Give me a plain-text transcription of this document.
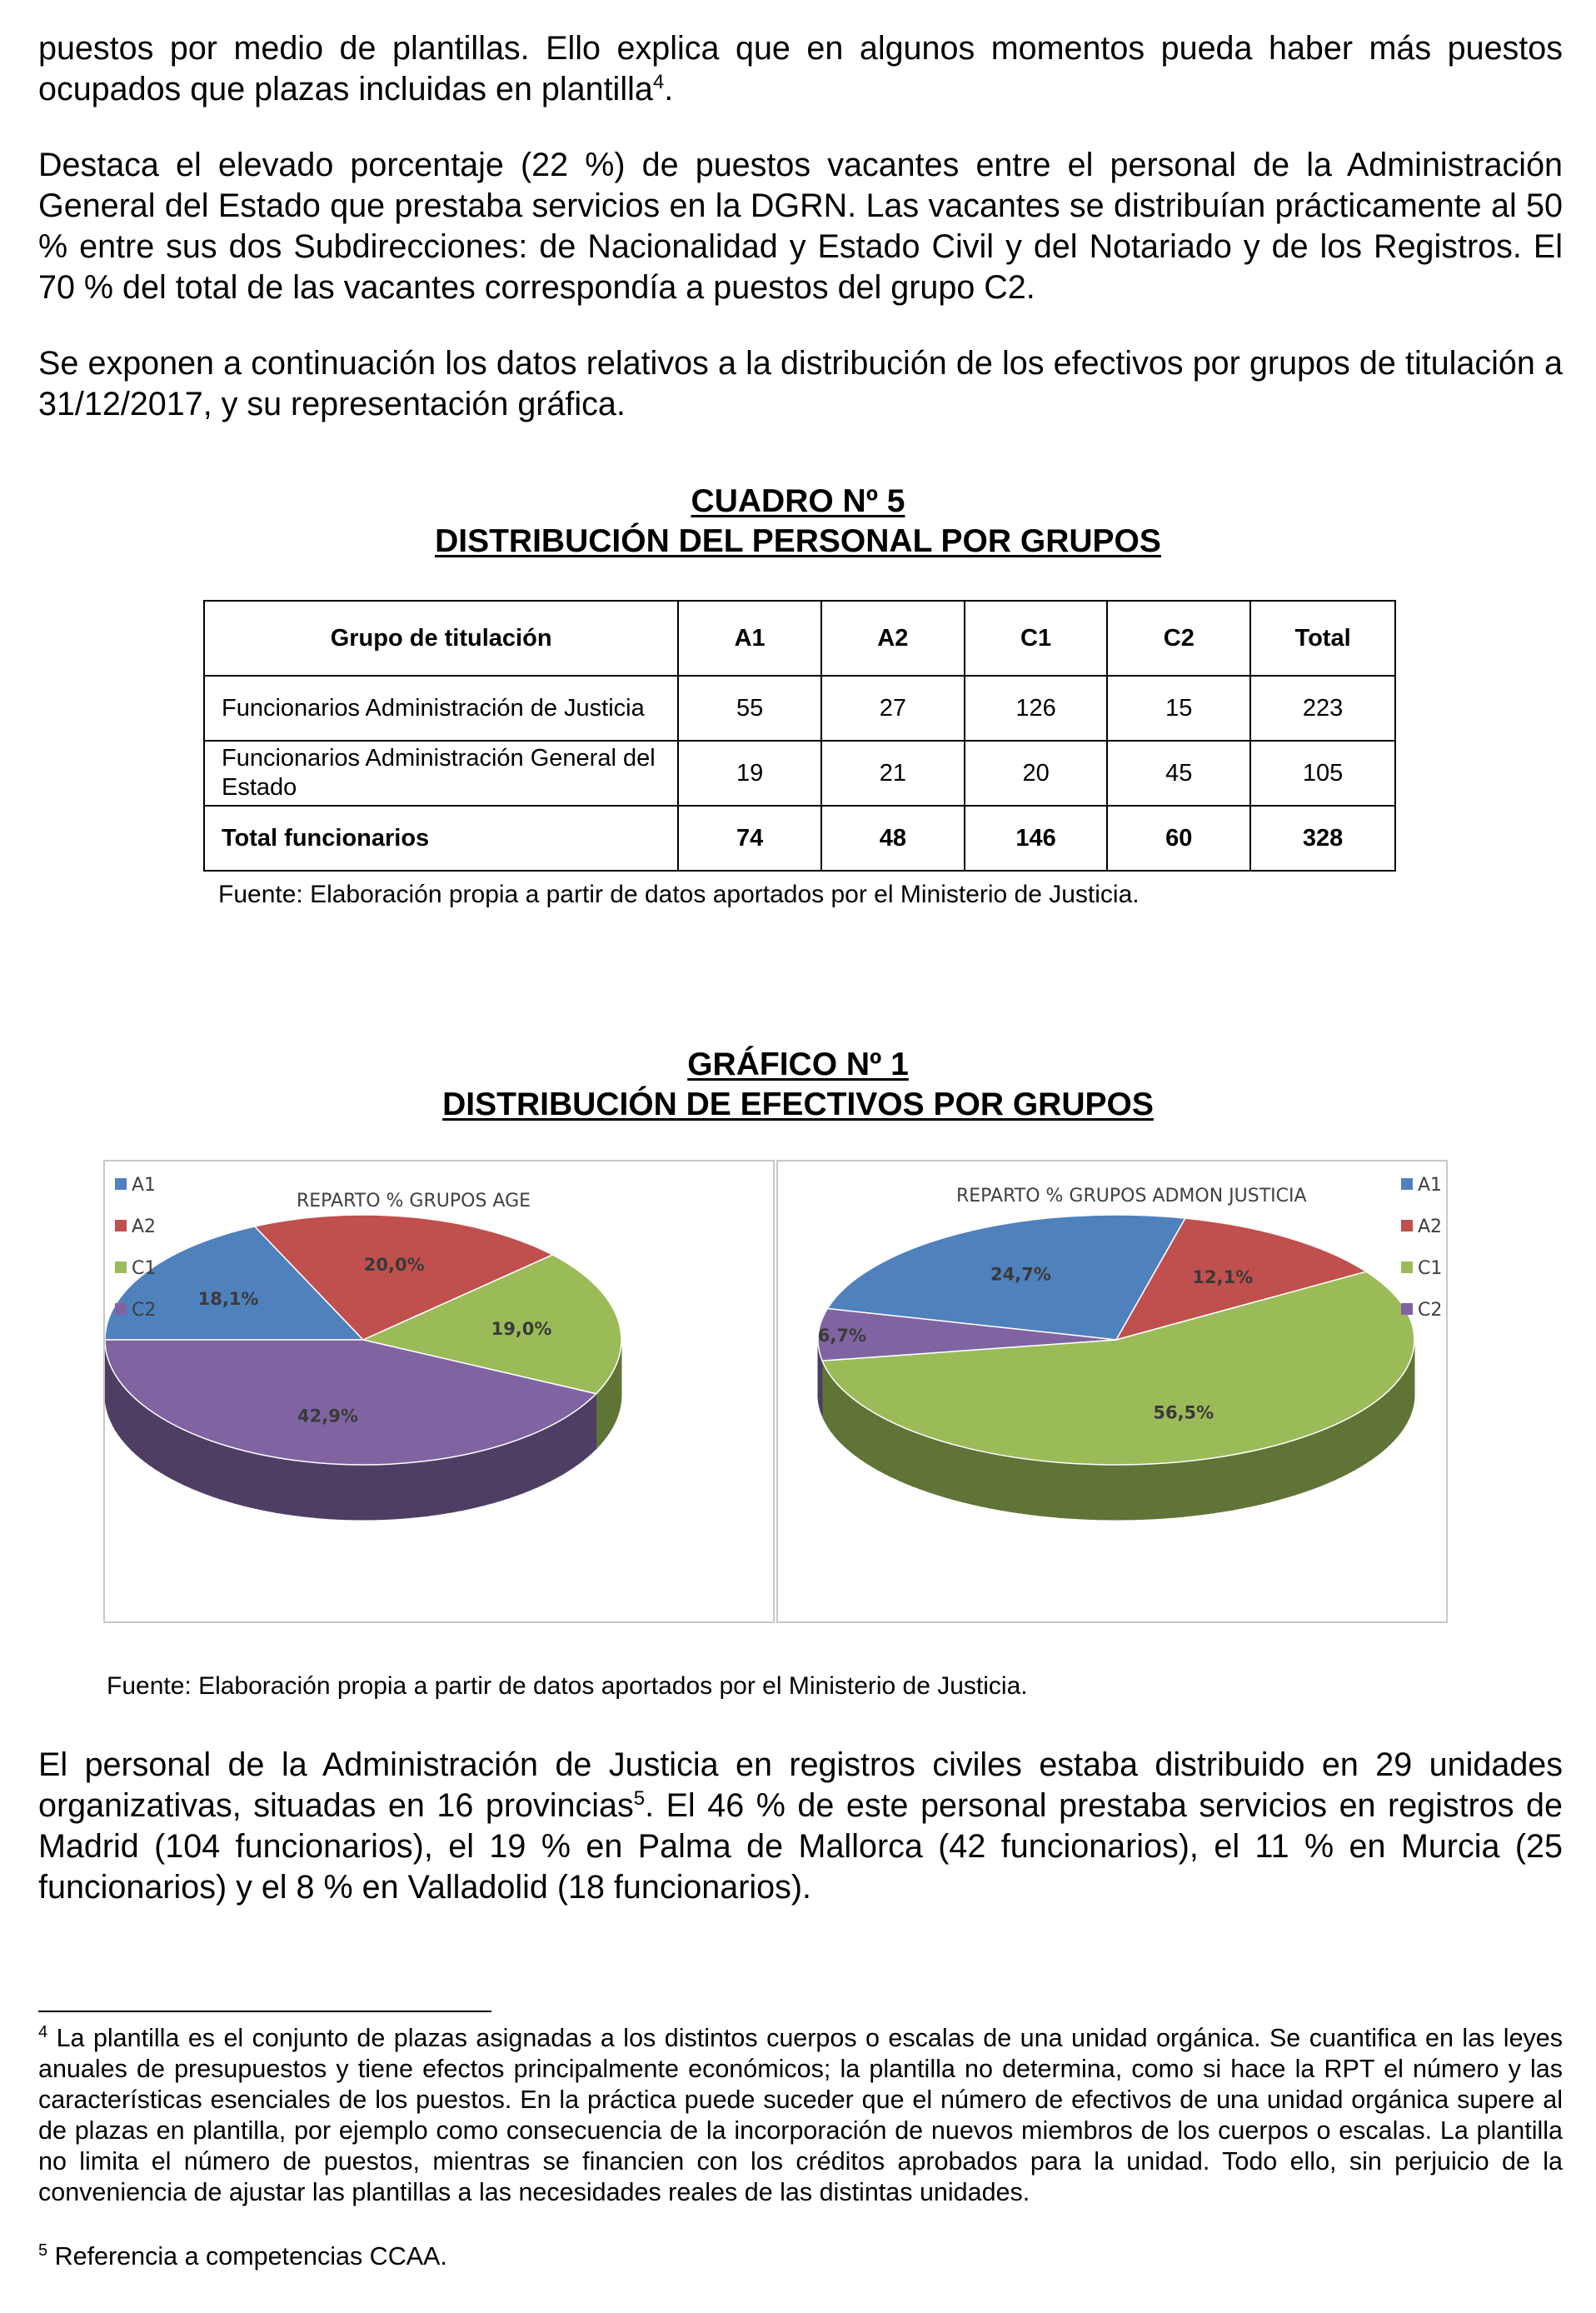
puestos por medio de plantillas. Ello explica que en algunos momentos pueda haber más puestos ocupados que plazas incluidas en plantilla$^4$.

Destaca el elevado porcentaje (22 %) de puestos vacantes entre el personal de la Administración General del Estado que prestaba servicios en la DGRN. Las vacantes se distribuían prácticamente al 50 % entre sus dos Subdirecciones: de Nacionalidad y Estado Civil y del Notariado y de los Registros. El 70 % del total de las vacantes correspondía a puestos del grupo C2.

Se exponen a continuación los datos relativos a la distribución de los efectivos por grupos de titulación a 31/12/2017, y su representación gráfica.

CUADRO Nº 5
DISTRIBUCIÓN DEL PERSONAL POR GRUPOS
Grupo de titulación	A1	A2	C1	C2	Total
Funcionarios Administración de Justicia	55	27	126	15	223
Funcionarios Administración General del Estado	19	21	20	45	105
Total funcionarios	74	48	146	60	328
Fuente: Elaboración propia a partir de datos aportados por el Ministerio de Justicia.
GRÁFICO Nº 1
DISTRIBUCIÓN DE EFECTIVOS POR GRUPOS
REPARTO % GRUPOS AGE
18,1%
20,0%
19,0%
42,9%
A1
A2
C1
C2
REPARTO % GRUPOS ADMON JUSTICIA
24,7%	12,1%
56,5%
6,7%
A1
A2
C1
C2
Fuente: Elaboración propia a partir de datos aportados por el Ministerio de Justicia.

El personal de la Administración de Justicia en registros civiles estaba distribuido en 29 unidades organizativas, situadas en 16 provincias$^5$. El 46 % de este personal prestaba servicios en registros de Madrid (104 funcionarios), el 19 % en Palma de Mallorca (42 funcionarios), el 11 % en Murcia (25 funcionarios) y el 8 % en Valladolid (18 funcionarios).

$^4$ La plantilla es el conjunto de plazas asignadas a los distintos cuerpos o escalas de una unidad orgánica. Se cuantifica en las leyes anuales de presupuestos y tiene efectos principalmente económicos; la plantilla no determina, como si hace la RPT el número y las características esenciales de los puestos. En la práctica puede suceder que el número de efectivos de una unidad orgánica supere al de plazas en plantilla, por ejemplo como consecuencia de la incorporación de nuevos miembros de los cuerpos o escalas. La plantilla no limita el número de puestos, mientras se financien con los créditos aprobados para la unidad. Todo ello, sin perjuicio de la conveniencia de ajustar las plantillas a las necesidades reales de las distintas unidades.

$^5$ Referencia a competencias CCAA.
